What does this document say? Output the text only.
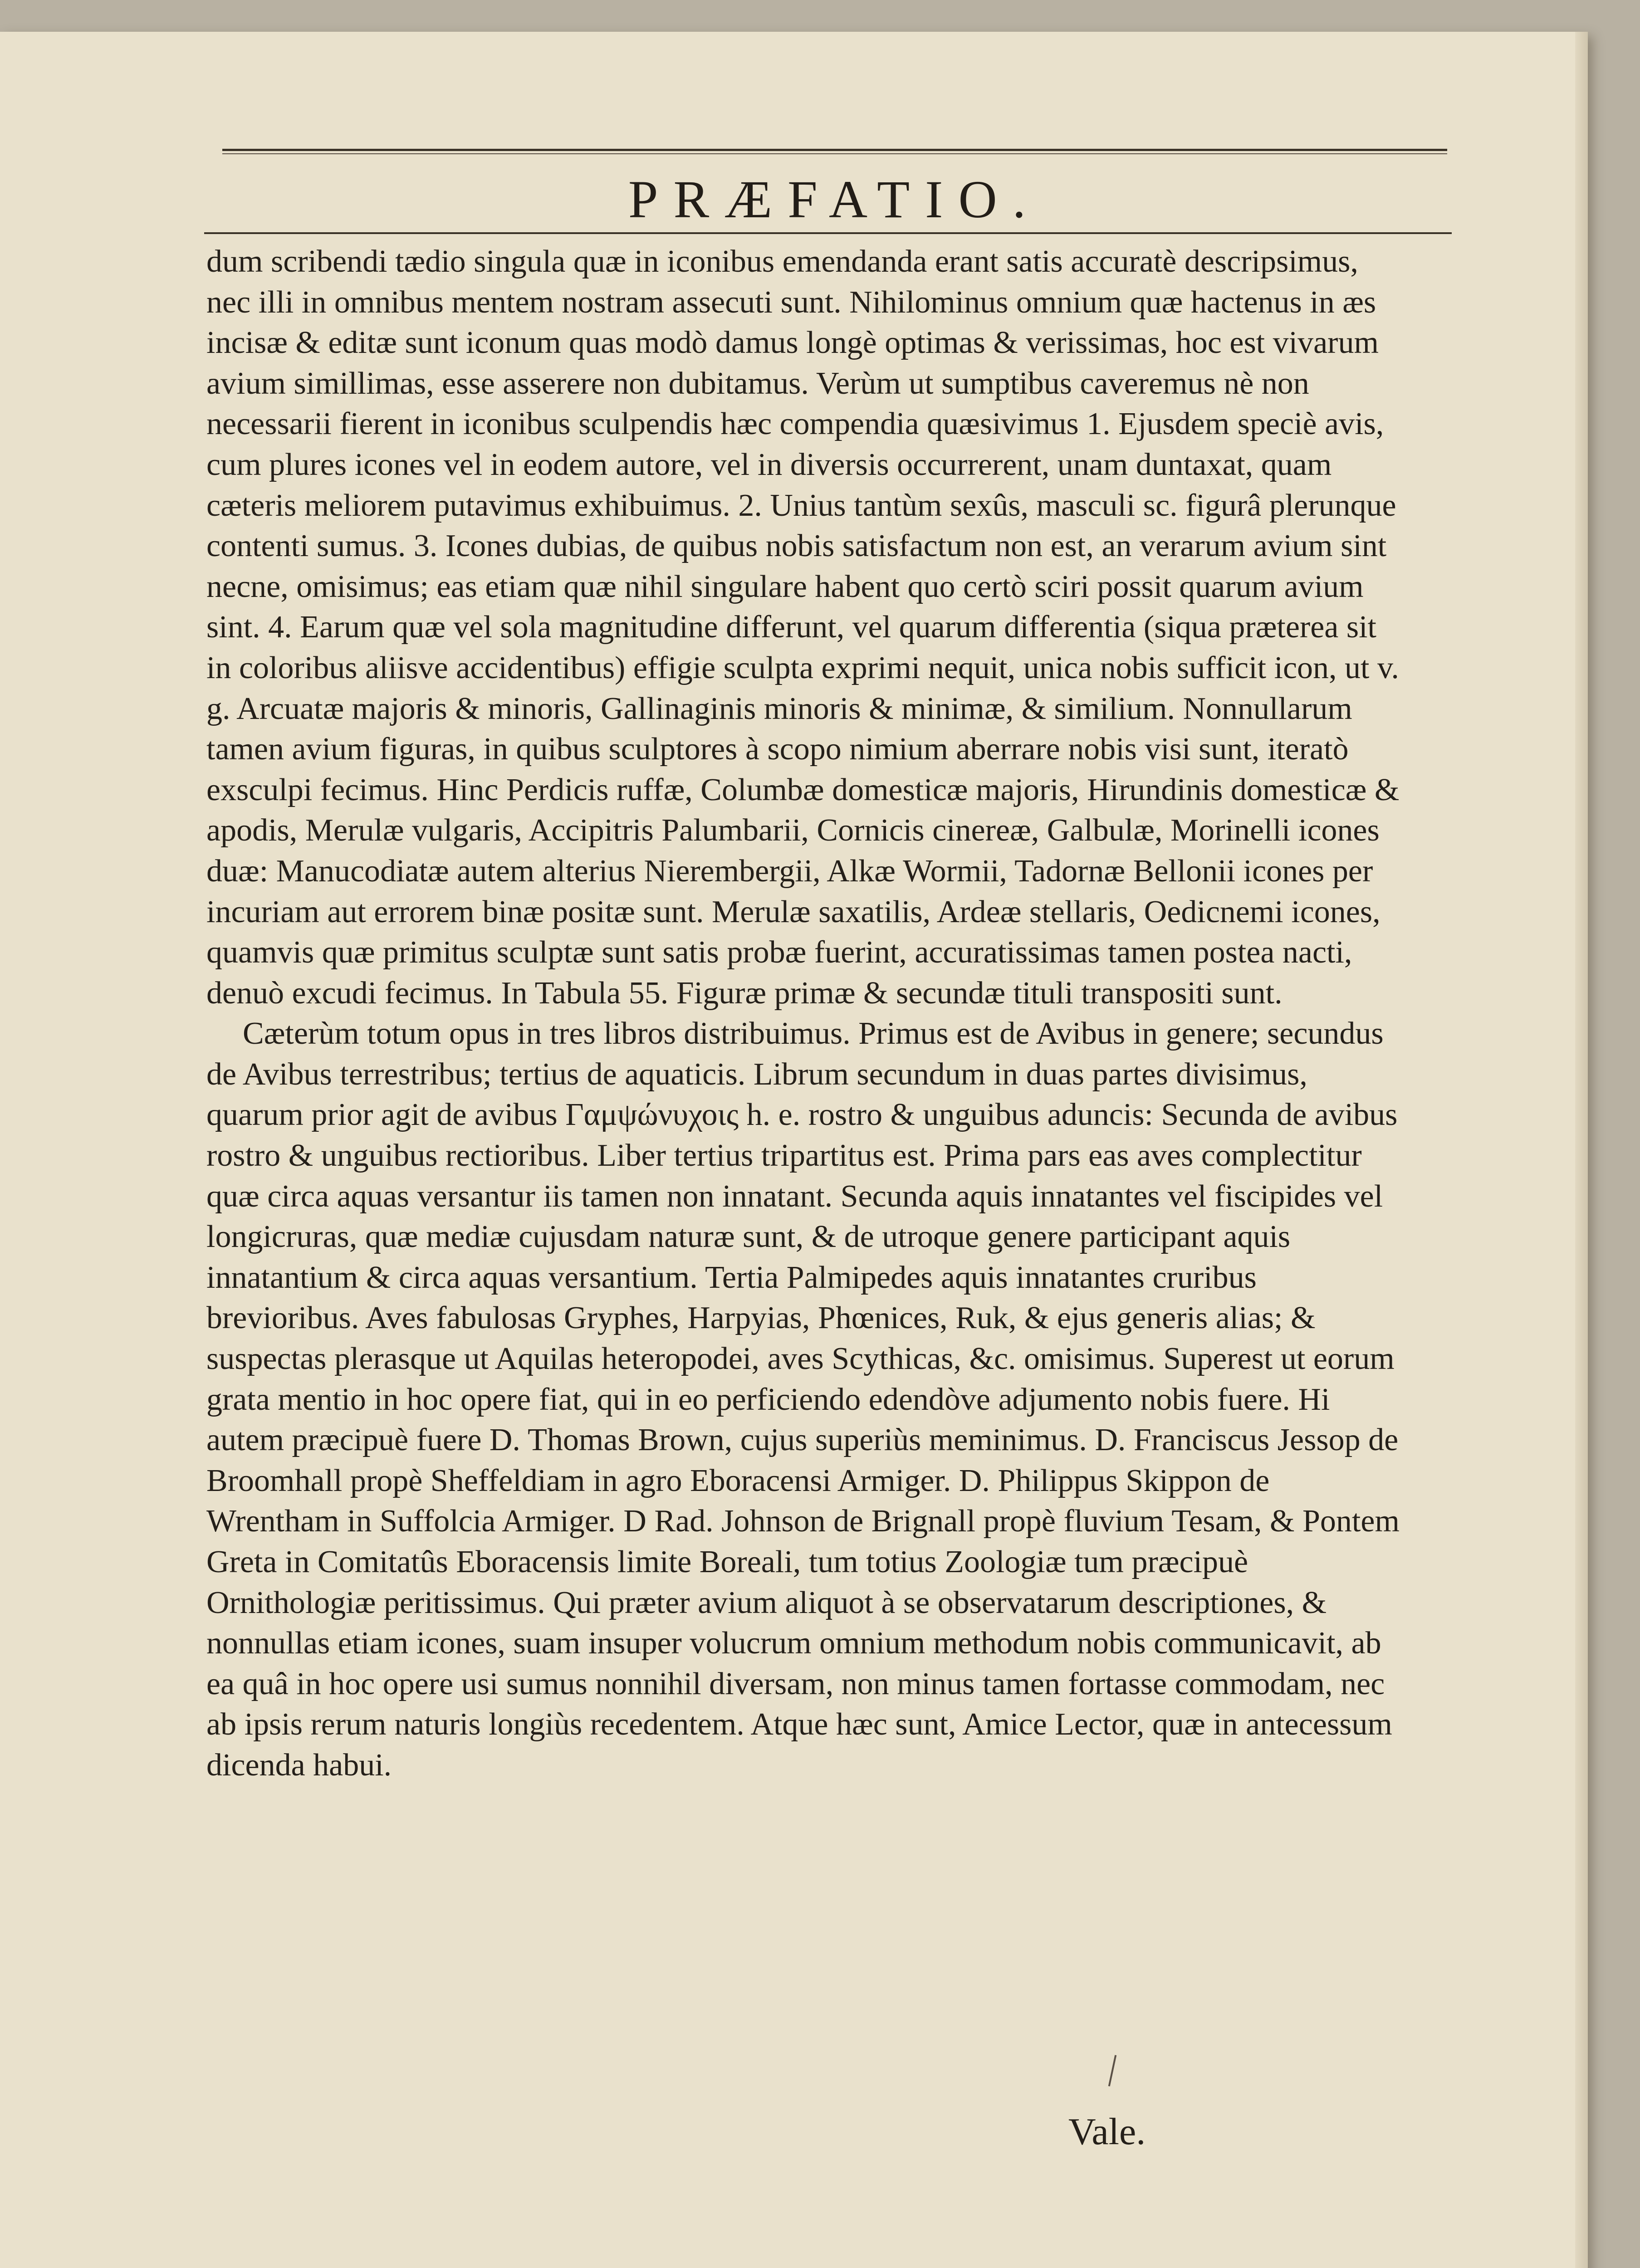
PRÆFATIO.

dum scribendi tædio singula quæ in iconibus emendanda erant satis accuratè descripsimus, nec illi in omnibus mentem nostram assecuti sunt. Nihilominus omnium quæ hactenus in æs incisæ & editæ sunt iconum quas modò damus longè optimas & verissimas, hoc est vivarum avium simillimas, esse asserere non dubitamus. Verùm ut sumptibus caveremus nè non necessarii fierent in iconibus sculpendis hæc compendia quæsivimus 1. Ejusdem speciè avis, cum plures icones vel in eodem autore, vel in diversis occurrerent, unam duntaxat, quam cæteris meliorem putavimus exhibuimus. 2. Unius tantùm sexûs, masculi sc. figurâ plerunque contenti sumus. 3. Icones dubias, de quibus nobis satisfactum non est, an verarum avium sint necne, omisimus; eas etiam quæ nihil singulare habent quo certò sciri possit quarum avium sint. 4. Earum quæ vel sola magnitudine differunt, vel quarum differentia (siqua præterea sit in coloribus aliisve accidentibus) effigie sculpta exprimi nequit, unica nobis sufficit icon, ut v. g. Arcuatæ majoris & minoris, Gallinaginis minoris & minimæ, & similium. Nonnullarum tamen avium figuras, in quibus sculptores à scopo nimium aberrare nobis visi sunt, iteratò exsculpi fecimus. Hinc Perdicis ruffæ, Columbæ domesticæ majoris, Hirundinis domesticæ & apodis, Merulæ vulgaris, Accipitris Palumbarii, Cornicis cinereæ, Galbulæ, Morinelli icones duæ: Manucodiatæ autem alterius Nierembergii, Alkæ Wormii, Tadornæ Bellonii icones per incuriam aut errorem binæ positæ sunt. Merulæ saxatilis, Ardeæ stellaris, Oedicnemi icones, quamvis quæ primitus sculptæ sunt satis probæ fuerint, accuratissimas tamen postea nacti, denuò excudi fecimus. In Tabula 55. Figuræ primæ & secundæ tituli transpositi sunt.

Cæterùm totum opus in tres libros distribuimus. Primus est de Avibus in genere; secundus de Avibus terrestribus; tertius de aquaticis. Librum secundum in duas partes divisimus, quarum prior agit de avibus Γαμψώνυχοις h. e. rostro & unguibus aduncis: Secunda de avibus rostro & unguibus rectioribus. Liber tertius tripartitus est. Prima pars eas aves complectitur quæ circa aquas versantur iis tamen non innatant. Secunda aquis innatantes vel fiscipides vel longicruras, quæ mediæ cujusdam naturæ sunt, & de utroque genere participant aquis innatantium & circa aquas versantium. Tertia Palmipedes aquis innatantes cruribus brevioribus. Aves fabulosas Gryphes, Harpyias, Phœnices, Ruk, & ejus generis alias; & suspectas plerasque ut Aquilas heteropodei, aves Scythicas, &c. omisimus. Superest ut eorum grata mentio in hoc opere fiat, qui in eo perficiendo edendòve adjumento nobis fuere. Hi autem præcipuè fuere D. Thomas Brown, cujus superiùs meminimus. D. Franciscus Jessop de Broomhall propè Sheffeldiam in agro Eboracensi Armiger. D. Philippus Skippon de Wrentham in Suffolcia Armiger. D Rad. Johnson de Brignall propè fluvium Tesam, & Pontem Greta in Comitatûs Eboracensis limite Boreali, tum totius Zoologiæ tum præcipuè Ornithologiæ peritissimus. Qui præter avium aliquot à se observatarum descriptiones, & nonnullas etiam icones, suam insuper volucrum omnium methodum nobis communicavit, ab ea quâ in hoc opere usi sumus nonnihil diversam, non minus tamen fortasse commodam, nec ab ipsis rerum naturis longiùs recedentem. Atque hæc sunt, Amice Lector, quæ in antecessum dicenda habui.

Vale.
